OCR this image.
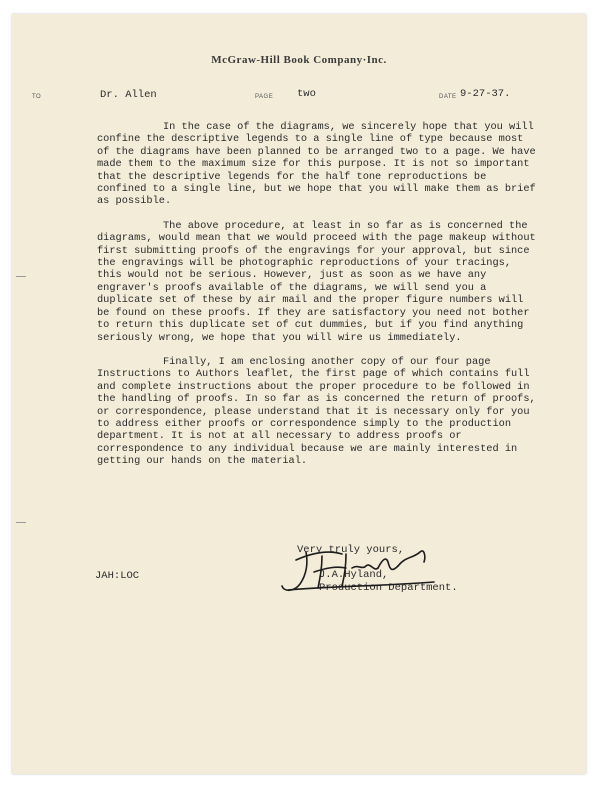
McGraw-Hill Book Company·Inc.
TO	Dr. Allen	PAGE two	DATE 9-27-37.

In the case of the diagrams, we sincerely hope that you will confine the descriptive legends to a single line of type because most of the diagrams have been planned to be arranged two to a page. We have made them to the maximum size for this purpose. It is not so important that the descriptive legends for the half tone reproductions be confined to a single line, but we hope that you will make them as brief as possible.

The above procedure, at least in so far as is concerned the diagrams, would mean that we would proceed with the page makeup without first submitting proofs of the engravings for your approval, but since the engravings will be photographic reproductions of your tracings, this would not be serious. However, just as soon as we have any engraver's proofs available of the diagrams, we will send you a duplicate set of these by air mail and the proper figure numbers will be found on these proofs. If they are satisfactory you need not bother to return this duplicate set of cut dummies, but if you find anything seriously wrong, we hope that you will wire us immediately.

Finally, I am enclosing another copy of our four page Instructions to Authors leaflet, the first page of which contains full and complete instructions about the proper procedure to be followed in the handling of proofs. In so far as is concerned the return of proofs, or correspondence, please understand that it is necessary only for you to address either proofs or correspondence simply to the production department. It is not at all necessary to address proofs or correspondence to any individual because we are mainly interested in getting our hands on the material.

Very truly yours,
J.A.Hyland,
Production Department.
JAH:LOC
